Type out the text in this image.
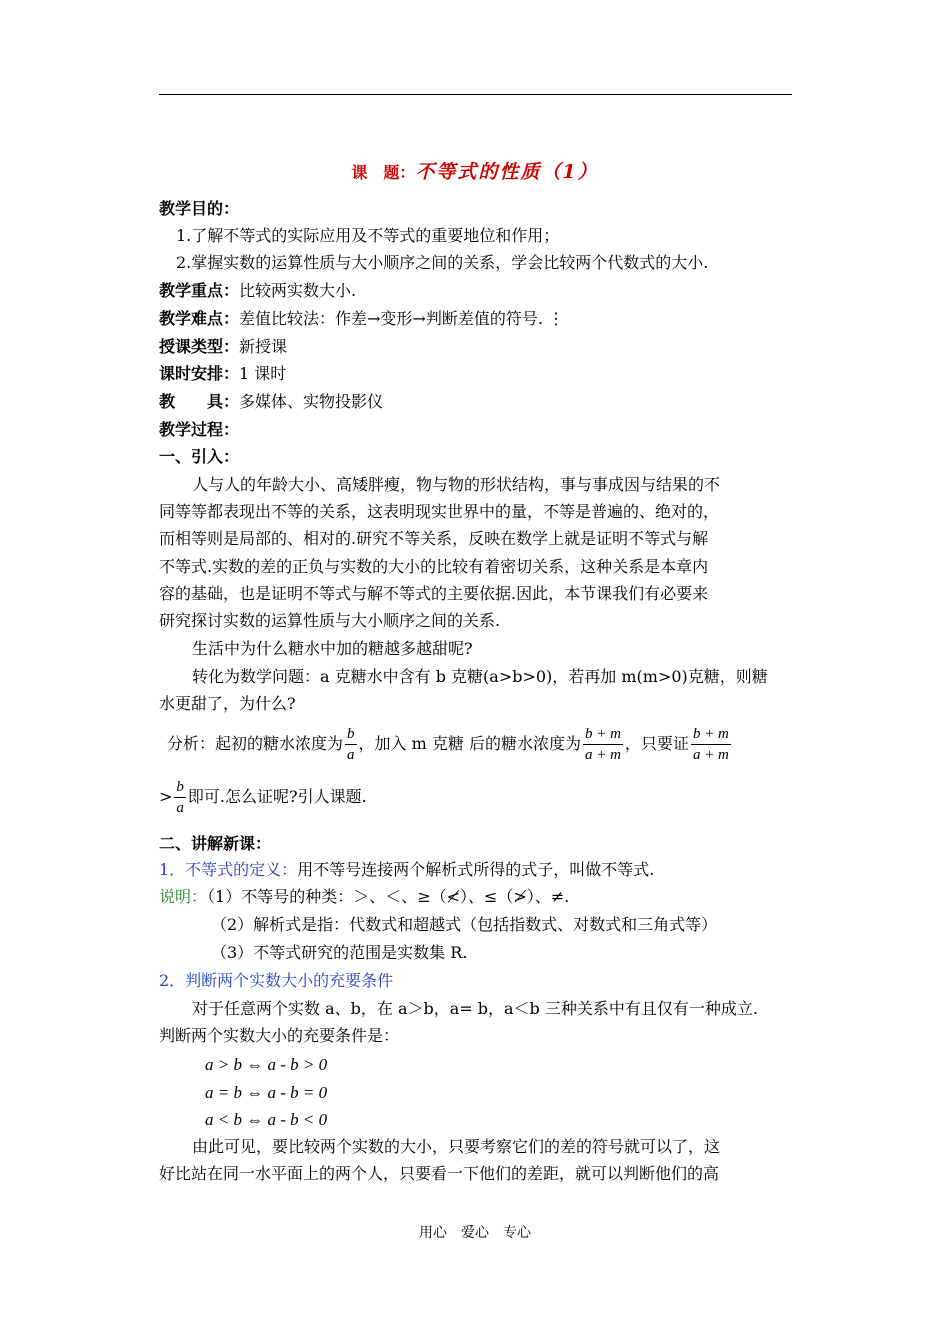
课　题：不等式的性质（1）
教学目的：
1.了解不等式的实际应用及不等式的重要地位和作用；
2.掌握实数的运算性质与大小顺序之间的关系，学会比较两个代数式的大小.
教学重点：比较两实数大小.
教学难点：差值比较法：作差→变形→判断差值的符号. ⋮
授课类型：新授课
课时安排：1 课时
教　　具：多媒体、实物投影仪
教学过程：
一、引入：
人与人的年龄大小、高矮胖瘦，物与物的形状结构，事与事成因与结果的不
同等等都表现出不等的关系，这表明现实世界中的量，不等是普遍的、绝对的，
而相等则是局部的、相对的.研究不等关系，反映在数学上就是证明不等式与解
不等式.实数的差的正负与实数的大小的比较有着密切关系，这种关系是本章内
容的基础，也是证明不等式与解不等式的主要依据.因此，本节课我们有必要来
研究探讨实数的运算性质与大小顺序之间的关系.
生活中为什么糖水中加的糖越多越甜呢?
转化为数学问题：a 克糖水中含有 b 克糖(a>b>0)，若再加 m(m>0)克糖，则糖
水更甜了，为什么?
分析：起初的糖水浓度为 $\frac{b}{a}$ ，加入 m 克糖 后的糖水浓度为 $\frac{b + m}{a + m}$ ，只要证 $\frac{b + m}{a + m}$
> $\frac{b}{a}$ 即可.怎么证呢?引人课题.
二、讲解新课：
1．不等式的定义：用不等号连接两个解析式所得的式子，叫做不等式.
说明：（1）不等号的种类：＞、＜、≥（≮）、≤（≯）、≠.
（2）解析式是指：代数式和超越式（包括指数式、对数式和三角式等）
（3）不等式研究的范围是实数集 R.
2．判断两个实数大小的充要条件
对于任意两个实数 a、b，在 a＞b，a= b，a＜b 三种关系中有且仅有一种成立.
判断两个实数大小的充要条件是：
a > b ⇔ a - b > 0
a = b ⇔ a - b = 0
a < b ⇔ a - b < 0
由此可见，要比较两个实数的大小，只要考察它们的差的符号就可以了，这
好比站在同一水平面上的两个人，只要看一下他们的差距，就可以判断他们的高
用心　爱心　专心
